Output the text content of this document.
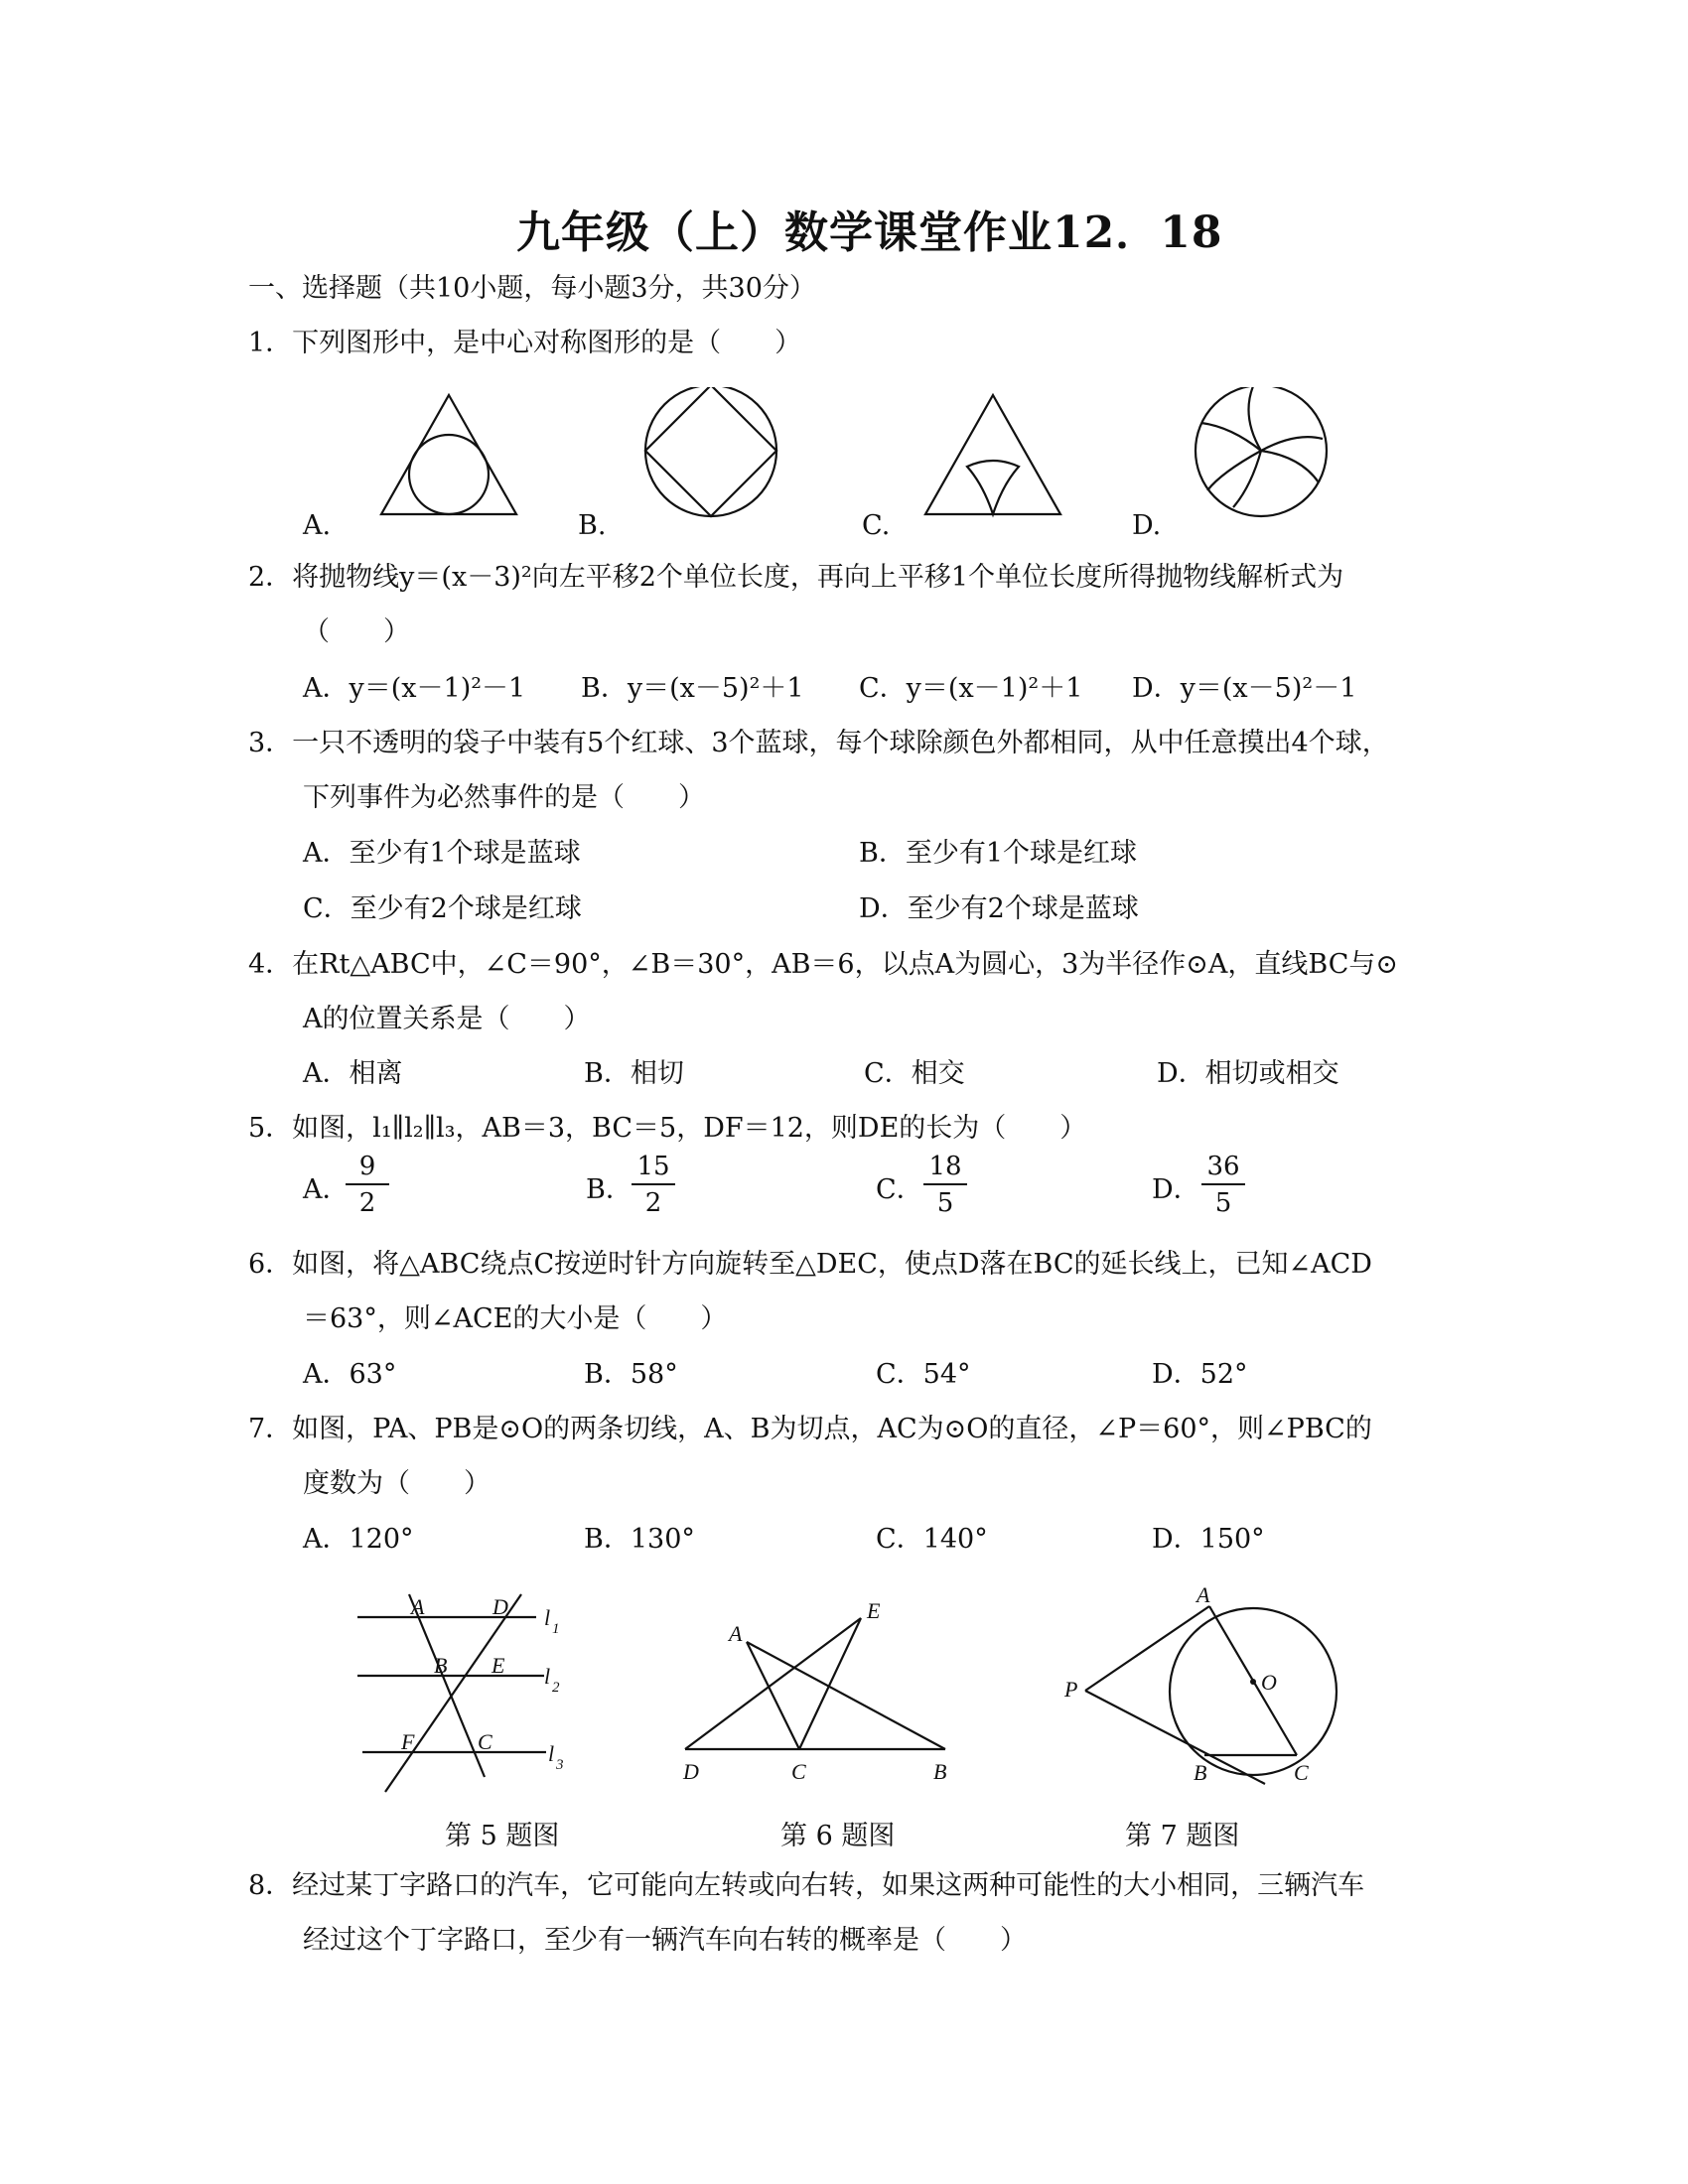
九年级（上）数学课堂作业12．18
一、选择题（共10小题，每小题3分，共30分）
1．下列图形中，是中心对称图形的是（　　）
A.	B.	C.	D.
2．将抛物线y＝(x－3)²向左平移2个单位长度，再向上平移1个单位长度所得抛物线解析式为
（　　）
A．y＝(x－1)²－1 B．y＝(x－5)²＋1 C．y＝(x－1)²＋1 D．y＝(x－5)²－1
3．一只不透明的袋子中装有5个红球、3个蓝球，每个球除颜色外都相同，从中任意摸出4个球，
下列事件为必然事件的是（　　）
A．至少有1个球是蓝球	B．至少有1个球是红球
C．至少有2个球是红球	D．至少有2个球是蓝球
4．在Rt△ABC中，∠C＝90°，∠B＝30°，AB＝6，以点A为圆心，3为半径作⊙A，直线BC与⊙
A的位置关系是（　　）
A．相离	B．相切	C．相交	D．相切或相交
5．如图，l₁∥l₂∥l₃，AB＝3，BC＝5，DF＝12，则DE的长为（　　）
A．
$\frac{9}{2}$	B． $\frac{15}{2}$	C． $\frac{18}{5}$	D． $\frac{36}{5}$
6．如图，将△ABC绕点C按逆时针方向旋转至△DEC，使点D落在BC的延长线上，已知∠ACD
＝63°，则∠ACE的大小是（　　）
A．63°	B．58°	C．54°	D．52°
7．如图，PA、PB是⊙O的两条切线，A、B为切点，AC为⊙O的直径，∠P＝60°，则∠PBC的
度数为（　　）
A．120°	B．130°	C．140°	D．150°
A	D
B E
F	C
l 1
l 2
l 3
A
E
D	C	B
A
P	O
B	C
第 5 题图	第 6 题图	第 7 题图
8．经过某丁字路口的汽车，它可能向左转或向右转，如果这两种可能性的大小相同，三辆汽车
经过这个丁字路口，至少有一辆汽车向右转的概率是（　　）
